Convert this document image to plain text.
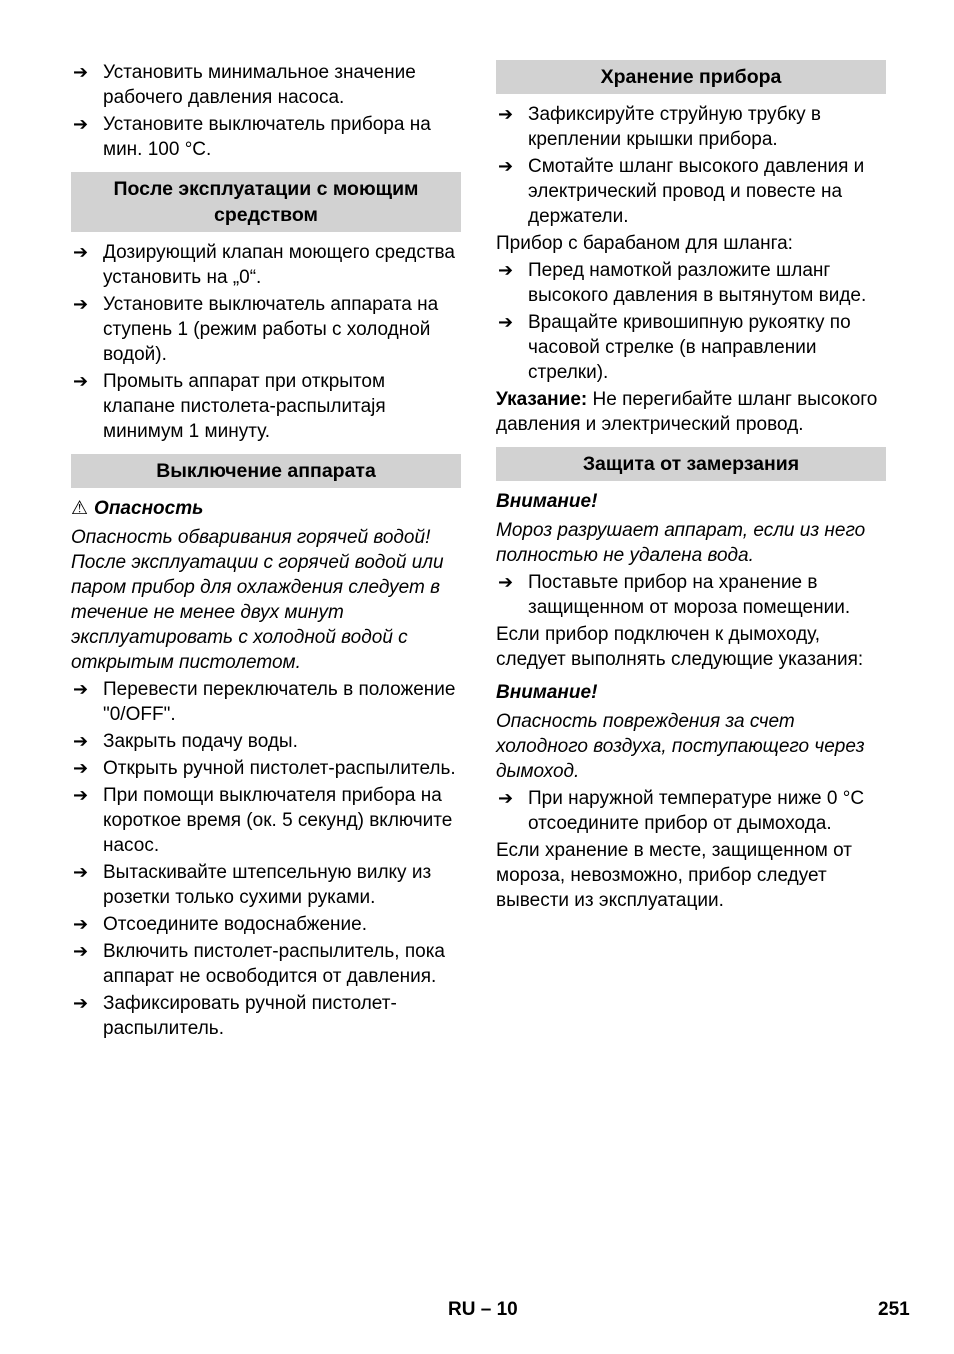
➔ Установить минимальное значение рабочего давления насоса.
➔ Установите выключатель прибора на мин. 100 °C.
После эксплуатации с моющим средством
➔ Дозирующий клапан моющего средства установить на „0“.
➔ Установите выключатель аппарата на ступень 1 (режим работы с холодной водой).
➔ Промыть аппарат при открытом клапане пистолета-распылитаjя минимум 1 минуту.
Выключение аппарата
⚠ Опасность
Опасность обваривания горячей водой! После эксплуатации с горячей водой или паром прибор для охлаждения следует в течение не менее двух минут эксплуатировать с холодной водой с открытым пистолетом.
➔ Перевести переключатель в положение "0/OFF".
➔ Закрыть подачу воды.
➔ Открыть ручной пистолет-распылитель.
➔ При помощи выключателя прибора на короткое время (ок. 5 секунд) включите насос.
➔ Вытаскивайте штепсельную вилку из розетки только сухими руками.
➔ Отсоедините водоснабжение.
➔ Включить пистолет-распылитель, пока аппарат не освободится от давления.
➔ Зафиксировать ручной пистолет-распылитель.
Хранение прибора
➔ Зафиксируйте струйную трубку в креплении крышки прибора.
➔ Смотайте шланг высокого давления и электрический провод и повесте на держатели.
Прибор с барабаном для шланга:
➔ Перед намоткой разложите шланг высокого давления в вытянутом виде.
➔ Вращайте кривошипную рукоятку по часовой стрелке (в направлении стрелки).
Указание: Не перегибайте шланг высокого давления и электрический провод.
Защита от замерзания
Внимание!
Мороз разрушает аппарат, если из него полностью не удалена вода.
➔ Поставьте прибор на хранение в защищенном от мороза помещении.
Если прибор подключен к дымоходу, следует выполнять следующие указания:
Внимание!
Опасность повреждения за счет холодного воздуха, поступающего через дымоход.
➔ При наружной температуре ниже 0 °C отсоедините прибор от дымохода.
Если хранение в месте, защищенном от мороза, невозможно, прибор следует вывести из эксплуатации.
RU – 10	251
